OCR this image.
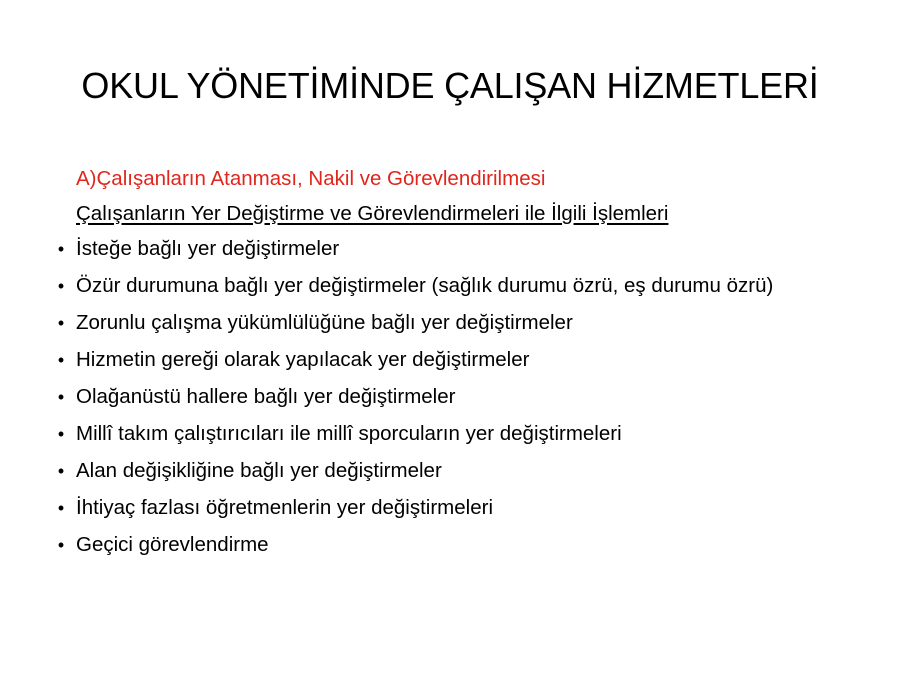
OKUL YÖNETİMİNDE ÇALIŞAN HİZMETLERİ
A)Çalışanların Atanması, Nakil ve Görevlendirilmesi
Çalışanların Yer Değiştirme ve Görevlendirmeleri ile İlgili İşlemleri
• İsteğe bağlı yer değiştirmeler
• Özür durumuna bağlı yer değiştirmeler (sağlık durumu özrü, eş durumu özrü)
• Zorunlu çalışma yükümlülüğüne bağlı yer değiştirmeler
• Hizmetin gereği olarak yapılacak yer değiştirmeler
• Olağanüstü hallere bağlı yer değiştirmeler
• Millî takım çalıştırıcıları ile millî sporcuların yer değiştirmeleri
• Alan değişikliğine bağlı yer değiştirmeler
• İhtiyaç fazlası öğretmenlerin yer değiştirmeleri
• Geçici görevlendirme
